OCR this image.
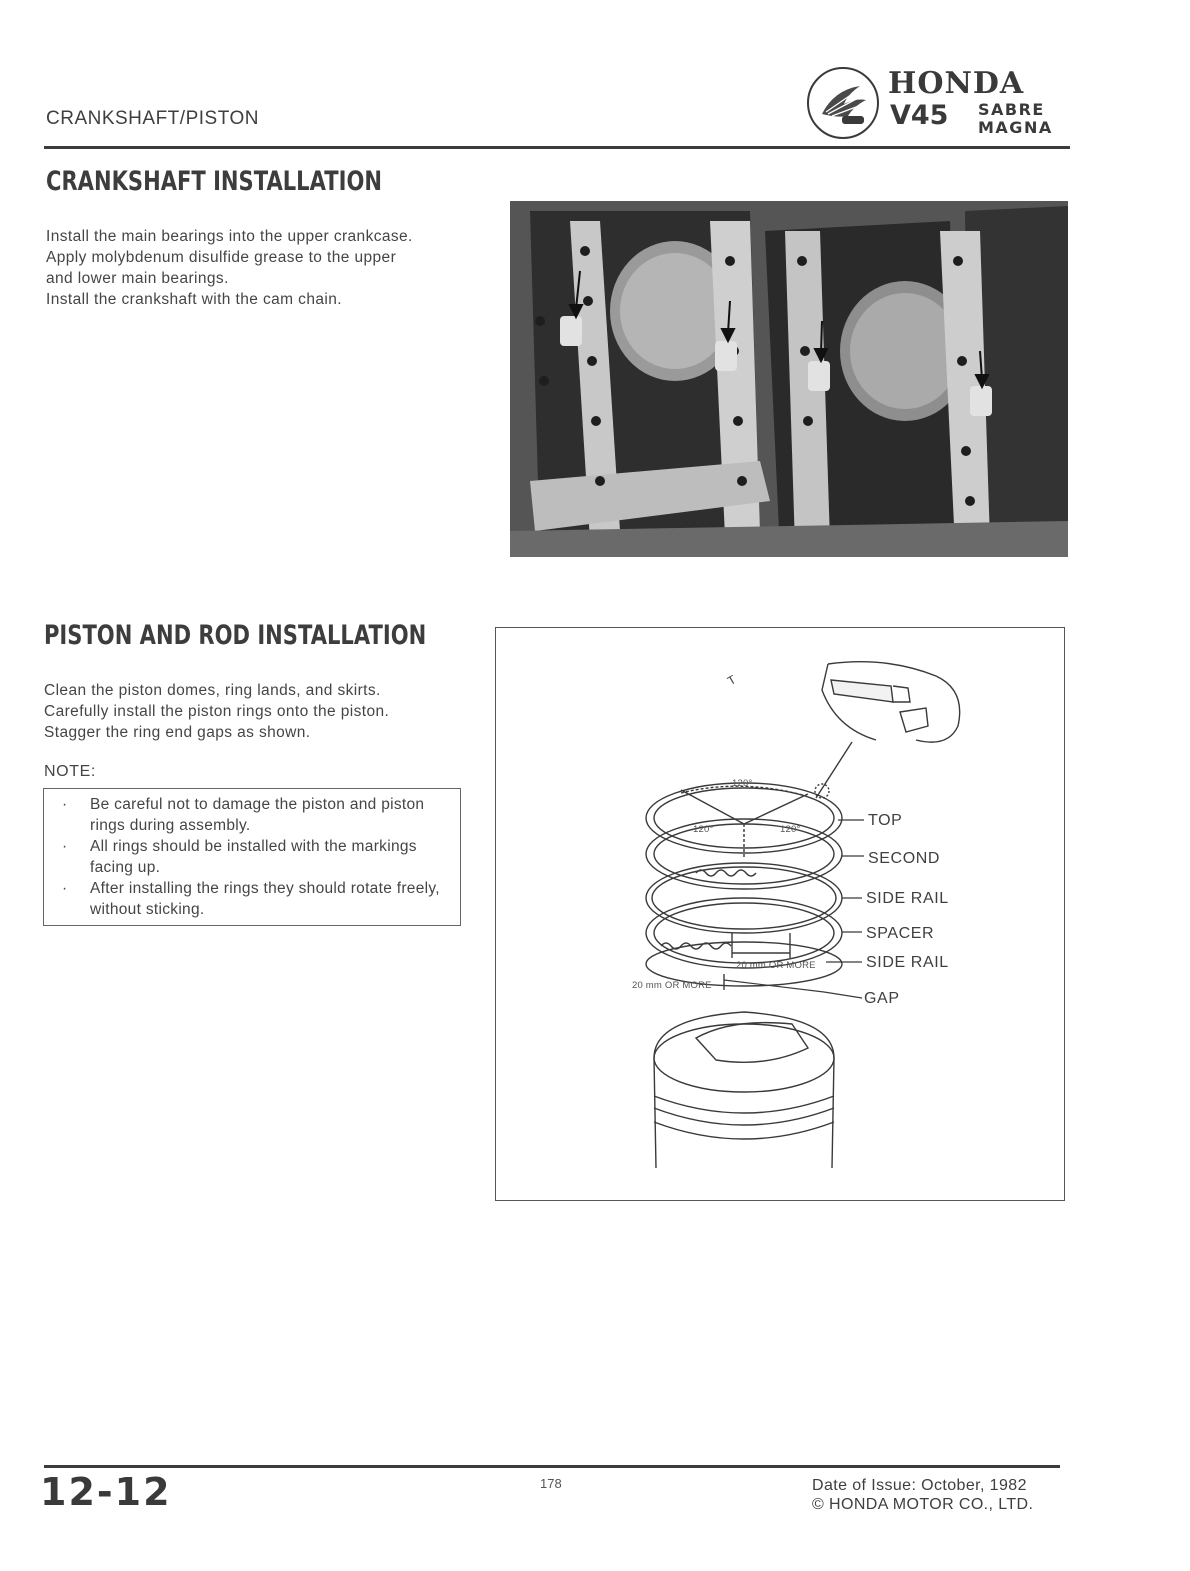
CRANKSHAFT/PISTON
HONDA
V45 SABRE
MAGNA
CRANKSHAFT INSTALLATION
Install the main bearings into the upper crankcase.
Apply molybdenum disulfide grease to the upper
and lower main bearings.
Install the crankshaft with the cam chain.
PISTON AND ROD INSTALLATION
Clean the piston domes, ring lands, and skirts.
Carefully install the piston rings onto the piston.
Stagger the ring end gaps as shown.
NOTE:
· Be careful not to damage the piston and piston rings during assembly.
· All rings should be installed with the markings facing up.
· After installing the rings they should rotate freely, without sticking.
T
120°
120°	120°
TOP
SECOND
SIDE RAIL
SPACER
SIDE RAIL
GAP
20 mm OR MORE
20 mm OR MORE
12-12	178	Date of Issue: October, 1982
© HONDA MOTOR CO., LTD.
